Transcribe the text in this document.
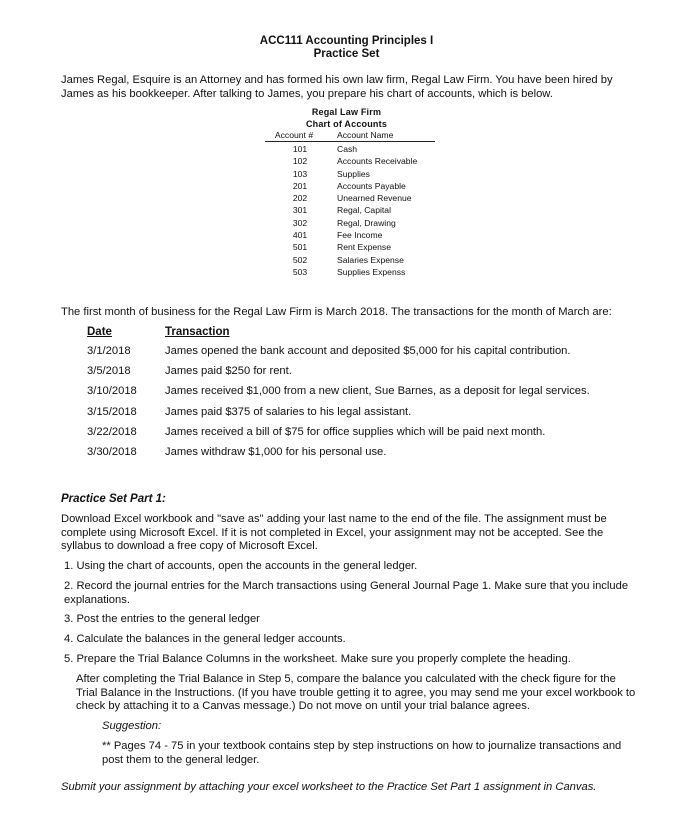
ACC111 Accounting Principles I
Practice Set
James Regal, Esquire is an Attorney and has formed his own law firm, Regal Law Firm. You have been hired by James as his bookkeeper. After talking to James, you prepare his chart of accounts, which is below.
Regal Law Firm
Chart of Accounts
Account #	Account Name
101	Cash
102	Accounts Receivable
103	Supplies
201	Accounts Payable
202	Unearned Revenue
301	Regal, Capital
302	Regal, Drawing
401	Fee Income
501	Rent Expense
502	Salaries Expense
503	Supplies Expenss
The first month of business for the Regal Law Firm is March 2018. The transactions for the month of March are:
Date	Transaction
3/1/2018	James opened the bank account and deposited $5,000 for his capital contribution.
3/5/2018	James paid $250 for rent.
3/10/2018	James received $1,000 from a new client, Sue Barnes, as a deposit for legal services.
3/15/2018	James paid $375 of salaries to his legal assistant.
3/22/2018	James received a bill of $75 for office supplies which will be paid next month.
3/30/2018	James withdraw $1,000 for his personal use.
Practice Set Part 1:
Download Excel workbook and "save as" adding your last name to the end of the file. The assignment must be complete using Microsoft Excel. If it is not completed in Excel, your assignment may not be accepted. See the syllabus to download a free copy of Microsoft Excel.
1. Using the chart of accounts, open the accounts in the general ledger.
2. Record the journal entries for the March transactions using General Journal Page 1. Make sure that you include explanations.
3. Post the entries to the general ledger
4. Calculate the balances in the general ledger accounts.
5. Prepare the Trial Balance Columns in the worksheet. Make sure you properly complete the heading.
After completing the Trial Balance in Step 5, compare the balance you calculated with the check figure for the Trial Balance in the Instructions. (If you have trouble getting it to agree, you may send me your excel workbook to check by attaching it to a Canvas message.) Do not move on until your trial balance agrees.
Suggestion:
** Pages 74 - 75 in your textbook contains step by step instructions on how to journalize transactions and post them to the general ledger.
Submit your assignment by attaching your excel worksheet to the Practice Set Part 1 assignment in Canvas.
